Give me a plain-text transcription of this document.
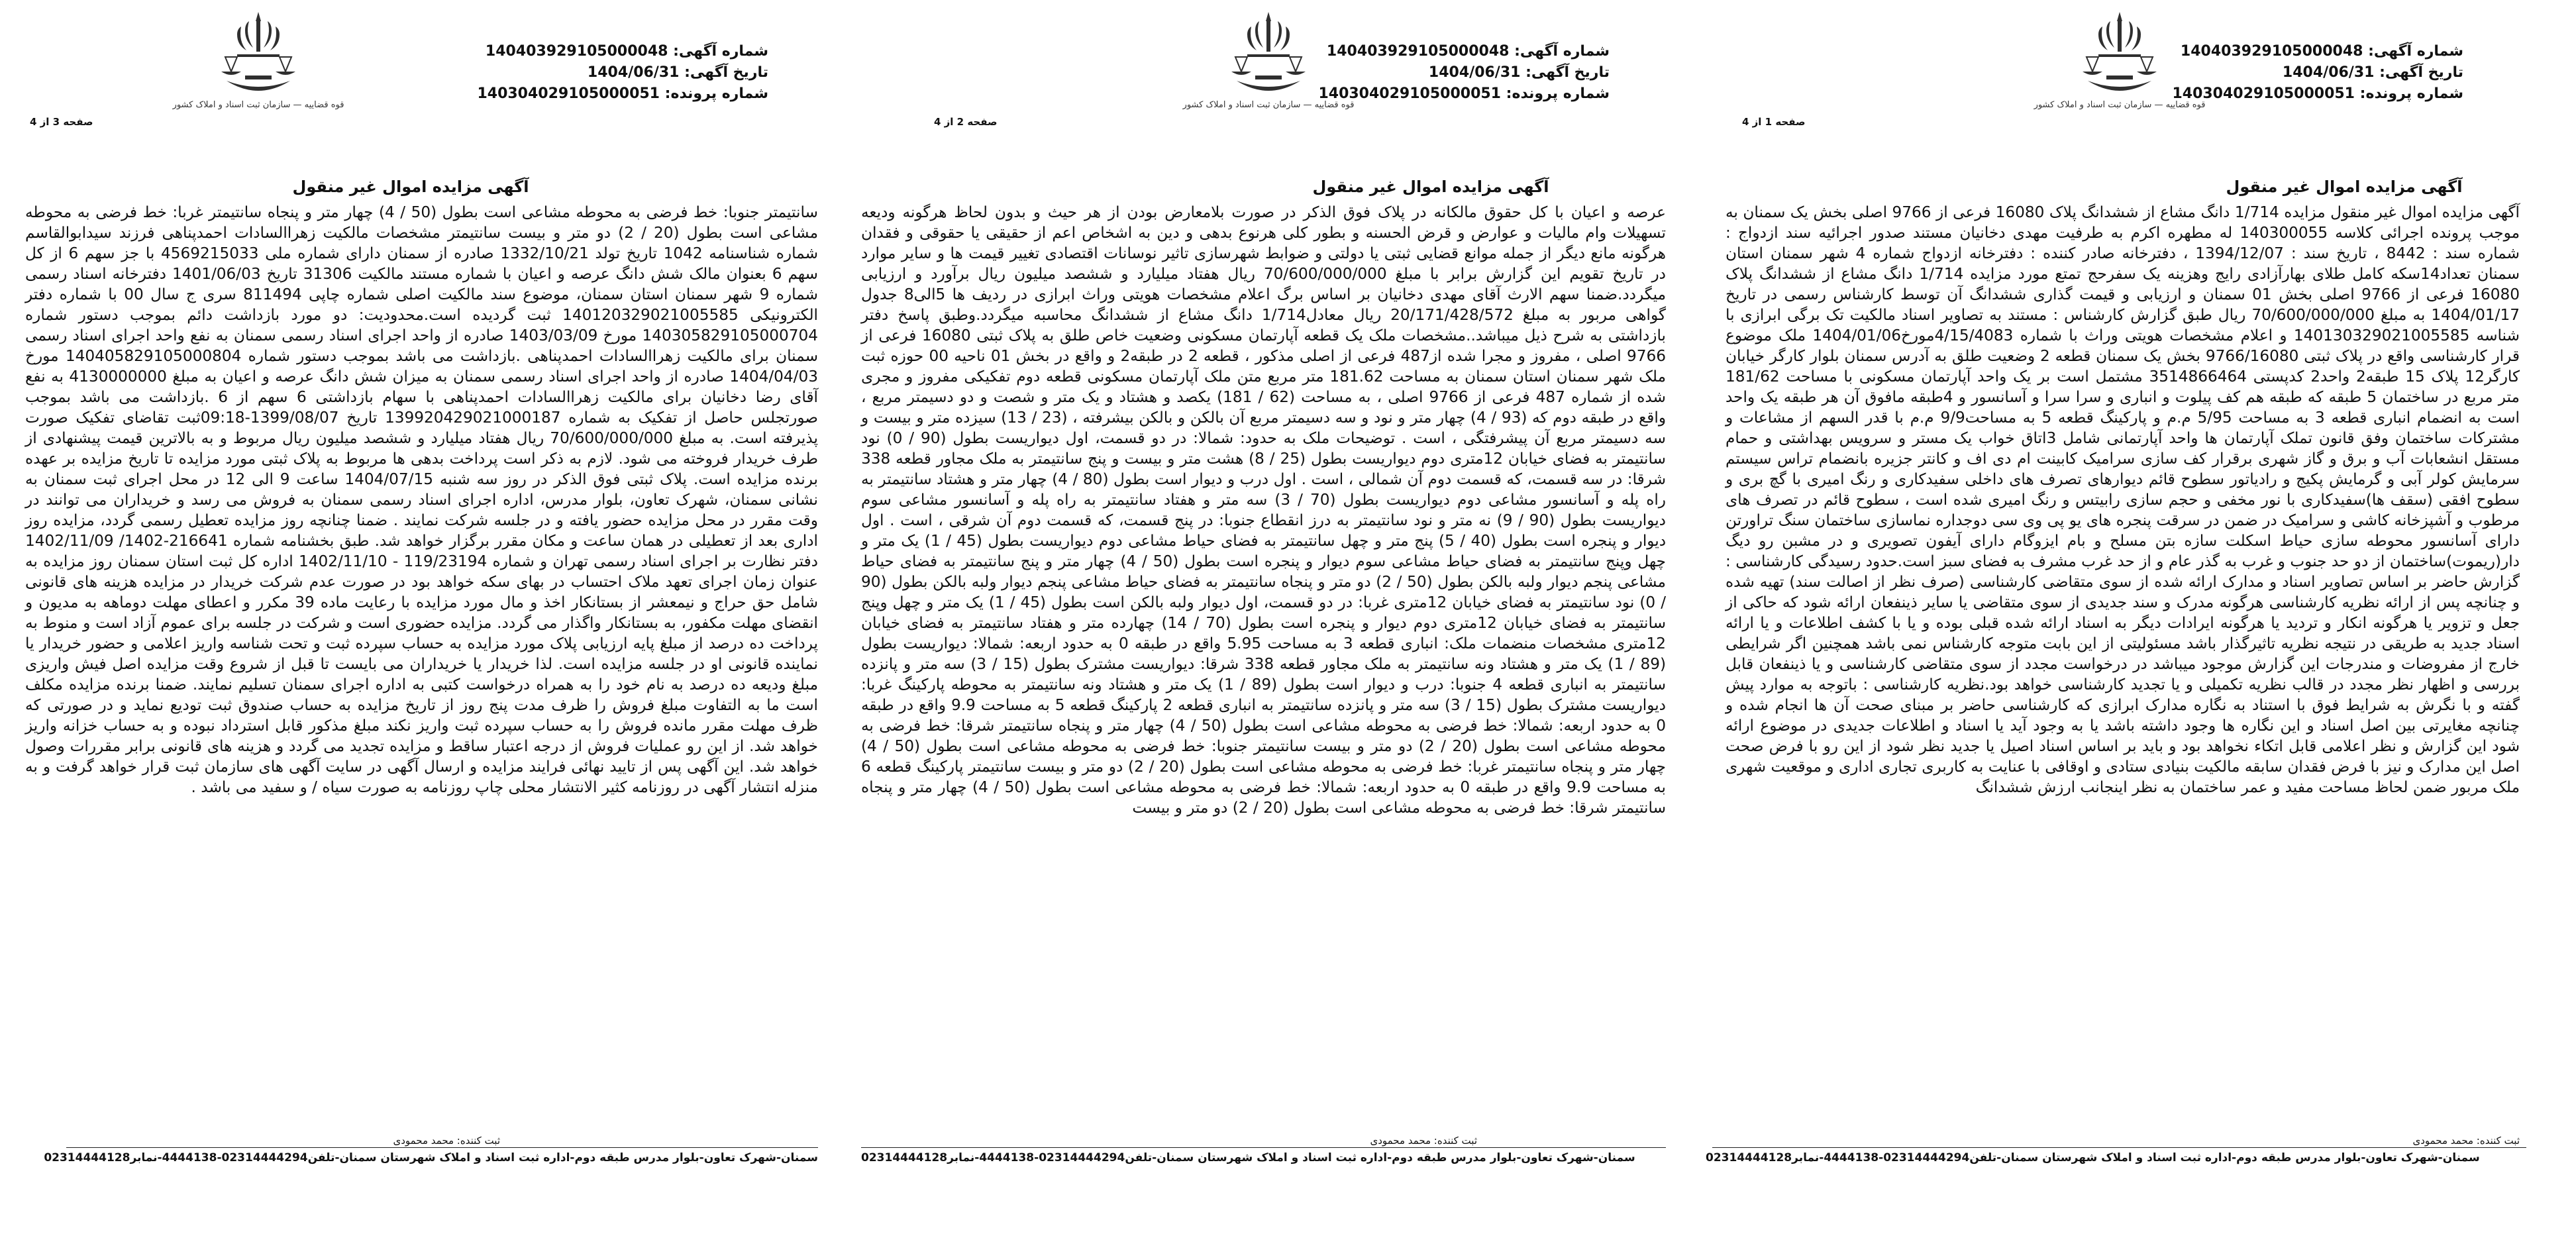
شماره آگهی: 140403929105000048
تاریخ آگهی: 1404/06/31
شماره پرونده: 140304029105000051
قوه قضاییه — سازمان ثبت اسناد و املاک کشور
صفحه 3 از 4
آگهی مزایده اموال غیر منقول
سانتیمتر جنوبا: خط فرضی به محوطه مشاعی است بطول (50 / 4) چهار متر و پنجاه سانتیمتر غربا: خط فرضی به محوطه مشاعی است بطول (20 / 2) دو متر و بیست سانتیمتر مشخصات مالکیت زهراالسادات احمدپناهی فرزند سیدابوالقاسم شماره شناسنامه 1042 تاریخ تولد 1332/10/21 صادره از سمنان دارای شماره ملی 4569215033 با جز سهم 6 از کل سهم 6 بعنوان مالک شش دانگ عرصه و اعیان با شماره مستند مالکیت 31306 تاریخ 1401/06/03 دفترخانه اسناد رسمی شماره 9 شهر سمنان استان سمنان، موضوع سند مالکیت اصلی شماره چاپی 811494 سری ج سال 00 با شماره دفتر الکترونیکی 140120329021005585 ثبت گردیده است.محدودیت: دو مورد بازداشت دائم بموجب دستور شماره 140305829105000704 مورخ 1403/03/09 صادره از واحد اجرای اسناد رسمی سمنان به نفع واحد اجرای اسناد رسمی سمنان برای مالکیت زهراالسادات احمدپناهی .بازداشت می باشد بموجب دستور شماره 140405829105000804 مورخ 1404/04/03 صادره از واحد اجرای اسناد رسمی سمنان به میزان شش دانگ عرصه و اعیان به مبلغ 4130000000 به نفع آقای رضا دخانیان برای مالکیت زهراالسادات احمدپناهی با سهام بازداشتی 6 سهم از 6 .بازداشت می باشد بموجب صورتجلس حاصل از تفکیک به شماره 139920429021000187 تاریخ 1399/08/07-09:18ثبت تقاضای تفکیک صورت پذیرفته است. به مبلغ 70/600/000/000 ریال هفتاد میلیارد و ششصد میلیون ریال مربوط و به بالاترین قیمت پیشنهادی از طرف خریدار فروخته می شود. لازم به ذکر است پرداخت بدهی ها مربوط به پلاک ثبتی مورد مزایده تا تاریخ مزایده بر عهده برنده مزایده است. پلاک ثبتی فوق الذکر در روز سه شنبه 1404/07/15 ساعت 9 الی 12 در محل اجرای ثبت سمنان به نشانی سمنان، شهرک تعاون، بلوار مدرس، اداره اجرای اسناد رسمی سمنان به فروش می رسد و خریداران می توانند در وقت مقرر در محل مزایده حضور یافته و در جلسه شرکت نمایند . ضمنا چنانچه روز مزایده تعطیل رسمی گردد، مزایده روز اداری بعد از تعطیلی در همان ساعت و مکان مقرر برگزار خواهد شد. طبق بخشنامه شماره 216641-1402/ 1402/11/09 دفتر نظارت بر اجرای اسناد رسمی تهران و شماره 119/23194 - 1402/11/10 اداره کل ثبت استان سمنان روز مزایده به عنوان زمان اجرای تعهد ملاک احتساب در بهای سکه خواهد بود در صورت عدم شرکت خریدار در مزایده هزینه های قانونی شامل حق حراج و نیمعشر از بستانکار اخذ و مال مورد مزایده با رعایت ماده 39 مکرر و اعطای مهلت دوماهه به مدیون و انقضای مهلت مکفور، به بستانکار واگذار می گردد. مزایده حضوری است و شرکت در جلسه برای عموم آزاد است و منوط به پرداخت ده درصد از مبلغ پایه ارزیابی پلاک مورد مزایده به حساب سپرده ثبت و تحت شناسه واریز اعلامی و حضور خریدار یا نماینده قانونی او در جلسه مزایده است. لذا خریدار یا خریداران می بایست تا قبل از شروع وقت مزایده اصل فیش واریزی مبلغ ودیعه ده درصد به نام خود را به همراه درخواست کتبی به اداره اجرای سمنان تسلیم نمایند. ضمنا برنده مزایده مکلف است ما به التفاوت مبلغ فروش را ظرف مدت پنج روز از تاریخ مزایده به حساب صندوق ثبت تودیع نماید و در صورتی که ظرف مهلت مقرر مانده فروش را به حساب سپرده ثبت واریز نکند مبلغ مذکور قابل استرداد نبوده و به حساب خزانه واریز خواهد شد. از این رو عملیات فروش از درجه اعتبار ساقط و مزایده تجدید می گردد و هزینه های قانونی برابر مقررات وصول خواهد شد. این آگهی پس از تایید نهائی فرایند مزایده و ارسال آگهی در سایت آگهی های سازمان ثبت قرار خواهد گرفت و به منزله انتشار آگهی در روزنامه کثیر الانتشار محلی چاپ روزنامه به صورت سیاه / و سفید می باشد .
ثبت کننده: محمد محمودی
سمنان-شهرک تعاون-بلوار مدرس طبقه دوم-اداره ثبت اسناد و املاک شهرستان سمنان-تلفن02314444294-4444138-نمابر02314444128
شماره آگهی: 140403929105000048
تاریخ آگهی: 1404/06/31
شماره پرونده: 140304029105000051
قوه قضاییه — سازمان ثبت اسناد و املاک کشور
صفحه 2 از 4
آگهی مزایده اموال غیر منقول
عرصه و اعیان با کل حقوق مالکانه در پلاک فوق الذکر در صورت بلامعارض بودن از هر حیث و بدون لحاظ هرگونه ودیعه تسهیلات وام مالیات و عوارض و قرض الحسنه و بطور کلی هرنوع بدهی و دین به اشخاص اعم از حقیقی یا حقوقی و فقدان هرگونه مانع دیگر از جمله موانع قضایی ثبتی یا دولتی و ضوابط شهرسازی تاثیر نوسانات اقتصادی تغییر قیمت ها و سایر موارد در تاریخ تقویم این گزارش برابر با مبلغ 70/600/000/000 ریال هفتاد میلیارد و ششصد میلیون ریال برآورد و ارزیابی میگردد.ضمنا سهم الارث آقای مهدی دخانیان بر اساس برگ اعلام مشخصات هویتی وراث ابرازی در ردیف ها 5الی8 جدول گواهی مربور به مبلغ 20/171/428/572 ریال معادل1/714 دانگ مشاع از ششدانگ محاسبه میگردد.وطبق پاسخ دفتر بازداشتی به شرح ذیل میباشد..مشخصات ملک یک قطعه آپارتمان مسکونی وضعیت خاص طلق به پلاک ثبتی 16080 فرعی از 9766 اصلی ، مفروز و مجرا شده از487 فرعی از اصلی مذکور ، قطعه 2 در طبقه2 و واقع در بخش 01 ناحیه 00 حوزه ثبت ملک شهر سمنان استان سمنان به مساحت 181.62 متر مربع متن ملک آپارتمان مسکونی قطعه دوم تفکیکی مفروز و مجری شده از شماره 487 فرعی از 9766 اصلی ، به مساحت (62 / 181) یکصد و هشتاد و یک متر و شصت و دو دسیمتر مربع ، واقع در طبقه دوم که (93 / 4) چهار متر و نود و سه دسیمتر مربع آن بالکن و بالکن بیشرفته ، (23 / 13) سیزده متر و بیست و سه دسیمتر مربع آن پیشرفتگی ، است . توضیحات ملک به حدود: شمالا: در دو قسمت، اول دیواریست بطول (90 / 0) نود سانتیمتر به فضای خیابان 12متری دوم دیواریست بطول (25 / 8) هشت متر و بیست و پنج سانتیمتر به ملک مجاور قطعه 338 شرقا: در سه قسمت، که قسمت دوم آن شمالی ، است . اول درب و دیوار است بطول (80 / 4) چهار متر و هشتاد سانتیمتر به راه پله و آسانسور مشاعی دوم دیواریست بطول (70 / 3) سه متر و هفتاد سانتیمتر به راه پله و آسانسور مشاعی سوم دیواریست بطول (90 / 9) نه متر و نود سانتیمتر به درز انقطاع جنوبا: در پنج قسمت، که قسمت دوم آن شرقی ، است . اول دیوار و پنجره است بطول (40 / 5) پنج متر و چهل سانتیمتر به فضای حیاط مشاعی دوم دیواریست بطول (45 / 1) یک متر و چهل وپنج سانتیمتر به فضای حیاط مشاعی سوم دیوار و پنجره است بطول (50 / 4) چهار متر و پنج سانتیمتر به فضای حیاط مشاعی پنجم دیوار ولبه بالکن بطول (50 / 2) دو متر و پنجاه سانتیمتر به فضای حیاط مشاعی پنجم دیوار ولبه بالکن بطول (90 / 0) نود سانتیمتر به فضای خیابان 12متری غربا: در دو قسمت، اول دیوار ولبه بالکن است بطول (45 / 1) یک متر و چهل وپنج سانتیمتر به فضای خیابان 12متری دوم دیوار و پنجره است بطول (70 / 14) چهارده متر و هفتاد سانتیمتر به فضای خیابان 12متری مشخصات منضمات ملک: انباری قطعه 3 به مساحت 5.95 واقع در طبقه 0 به حدود اربعه: شمالا: دیواریست بطول (89 / 1) یک متر و هشتاد ونه سانتیمتر به ملک مجاور قطعه 338 شرقا: دیواریست مشترک بطول (15 / 3) سه متر و پانزده سانتیمتر به انباری قطعه 4 جنوبا: درب و دیوار است بطول (89 / 1) یک متر و هشتاد ونه سانتیمتر به محوطه پارکینگ غربا: دیواریست مشترک بطول (15 / 3) سه متر و پانزده سانتیمتر به انباری قطعه 2 پارکینگ قطعه 5 به مساحت 9.9 واقع در طبقه 0 به حدود اربعه: شمالا: خط فرضی به محوطه مشاعی است بطول (50 / 4) چهار متر و پنجاه سانتیمتر شرقا: خط فرضی به محوطه مشاعی است بطول (20 / 2) دو متر و بیست سانتیمتر جنوبا: خط فرضی به محوطه مشاعی است بطول (50 / 4) چهار متر و پنجاه سانتیمتر غربا: خط فرضی به محوطه مشاعی است بطول (20 / 2) دو متر و بیست سانتیمتر پارکینگ قطعه 6 به مساحت 9.9 واقع در طبقه 0 به حدود اربعه: شمالا: خط فرضی به محوطه مشاعی است بطول (50 / 4) چهار متر و پنجاه سانتیمتر شرقا: خط فرضی به محوطه مشاعی است بطول (20 / 2) دو متر و بیست
ثبت کننده: محمد محمودی
سمنان-شهرک تعاون-بلوار مدرس طبقه دوم-اداره ثبت اسناد و املاک شهرستان سمنان-تلفن02314444294-4444138-نمابر02314444128
شماره آگهی: 140403929105000048
تاریخ آگهی: 1404/06/31
شماره پرونده: 140304029105000051
قوه قضاییه — سازمان ثبت اسناد و املاک کشور
صفحه 1 از 4
آگهی مزایده اموال غیر منقول
آگهی مزایده اموال غیر منقول مزایده 1/714 دانگ مشاع از ششدانگ پلاک 16080 فرعی از 9766 اصلی بخش یک سمنان به موجب پرونده اجرائی کلاسه 140300055 له مطهره اکرم به طرفیت مهدی دخانیان مستند صدور اجرائیه سند ازدواج : شماره سند : 8442 ، تاریخ سند : 1394/12/07 ، دفترخانه صادر کننده : دفترخانه ازدواج شماره 4 شهر سمنان استان سمنان تعداد14سکه کامل طلای بهارآزادی رایج وهزینه یک سفرحج تمتع مورد مزایده 1/714 دانگ مشاع از ششدانگ پلاک 16080 فرعی از 9766 اصلی بخش 01 سمنان و ارزیابی و قیمت گذاری ششدانگ آن توسط کارشناس رسمی در تاریخ 1404/01/17 به مبلغ 70/600/000/000 ریال طبق گزارش کارشناس : مستند به تصاویر اسناد مالکیت تک برگی ابرازی با شناسه 140130329021005585 و اعلام مشخصات هویتی وراث با شماره 4/15/4083مورخ1404/01/06 ملک موضوع قرار کارشناسی واقع در پلاک ثبتی 9766/16080 بخش یک سمنان قطعه 2 وضعیت طلق به آدرس سمنان بلوار کارگر خیابان کارگر12 پلاک 15 طبقه2 واحد2 کدپستی 3514866464 مشتمل است بر یک واحد آپارتمان مسکونی با مساحت 181/62 متر مربع در ساختمان 5 طبقه که طبقه هم کف پیلوت و انباری و سرا سرا و آسانسور و 4طبقه مافوق آن هر طبقه یک واحد است به انضمام انباری قطعه 3 به مساحت 5/95 م.م و پارکینگ قطعه 5 به مساحت9/9 م.م با قدر السهم از مشاعات و مشترکات ساختمان وفق قانون تملک آپارتمان ها واحد آپارتمانی شامل 3اتاق خواب یک مستر و سرویس بهداشتی و حمام مستقل انشعابات آب و برق و گاز شهری برقرار کف سازی سرامیک کابینت ام دی اف و کانتر جزیره بانضمام تراس سیستم سرمایش کولر آبی و گرمایش پکیج و رادیاتور سطوح قائم دیوارهای تصرف های داخلی سفیدکاری و رنگ امیری با گچ بری و سطوح افقی (سقف ها)سفیدکاری با نور مخفی و حجم سازی رابیتس و رنگ امیری شده است ، سطوح قائم در تصرف های مرطوب و آشپزخانه کاشی و سرامیک در ضمن در سرقت پنجره های یو پی وی سی دوجداره نماسازی ساختمان سنگ تراورتن دارای آسانسور محوطه سازی حیاط اسکلت سازه بتن مسلح و بام ایزوگام دارای آیفون تصویری و در مشبن رو دیگ دار(ریموت)ساختمان از دو حد جنوب و غرب به گذر عام و از حد غرب مشرف به فضای سبز است.حدود رسیدگی کارشناسی : گزارش حاضر بر اساس تصاویر اسناد و مدارک ارائه شده از سوی متقاضی کارشناسی (صرف نظر از اصالت سند) تهیه شده و چنانچه پس از ارائه نظریه کارشناسی هرگونه مدرک و سند جدیدی از سوی متقاضی یا سایر ذینفعان ارائه شود که حاکی از جعل و تزویر یا هرگونه انکار و تردید یا هرگونه ایرادات دیگر به اسناد ارائه شده قبلی بوده و یا با کشف اطلاعات و یا ارائه اسناد جدید به طریقی در نتیجه نظریه تاثیرگذار باشد مسئولیتی از این بابت متوجه کارشناس نمی باشد همچنین اگر شرایطی خارج از مفروضات و مندرجات این گزارش موجود میباشد در درخواست مجدد از سوی متقاضی کارشناسی و یا ذینفعان قابل بررسی و اظهار نظر مجدد در قالب نظریه تکمیلی و یا تجدید کارشناسی خواهد بود.نظریه کارشناسی : باتوجه به موارد پیش گفته و با نگرش به شرایط فوق با استناد به نگاره مدارک ابرازی که کارشناسی حاضر بر مبنای صحت آن ها انجام شده و چنانچه مغایرتی بین اصل اسناد و این نگاره ها وجود داشته باشد یا به وجود آید یا اسناد و اطلاعات جدیدی در موضوع ارائه شود این گزارش و نظر اعلامی قابل اتکاء نخواهد بود و باید بر اساس اسناد اصیل یا جدید نظر شود از این رو با فرض صحت اصل این مدارک و نیز با فرض فقدان سابقه مالکیت بنیادی ستادی و اوقافی با عنایت به کاربری تجاری اداری و موقعیت شهری ملک مربور ضمن لحاظ مساحت مفید و عمر ساختمان به نظر اینجانب ارزش ششدانگ
ثبت کننده: محمد محمودی
سمنان-شهرک تعاون-بلوار مدرس طبقه دوم-اداره ثبت اسناد و املاک شهرستان سمنان-تلفن02314444294-4444138-نمابر02314444128
